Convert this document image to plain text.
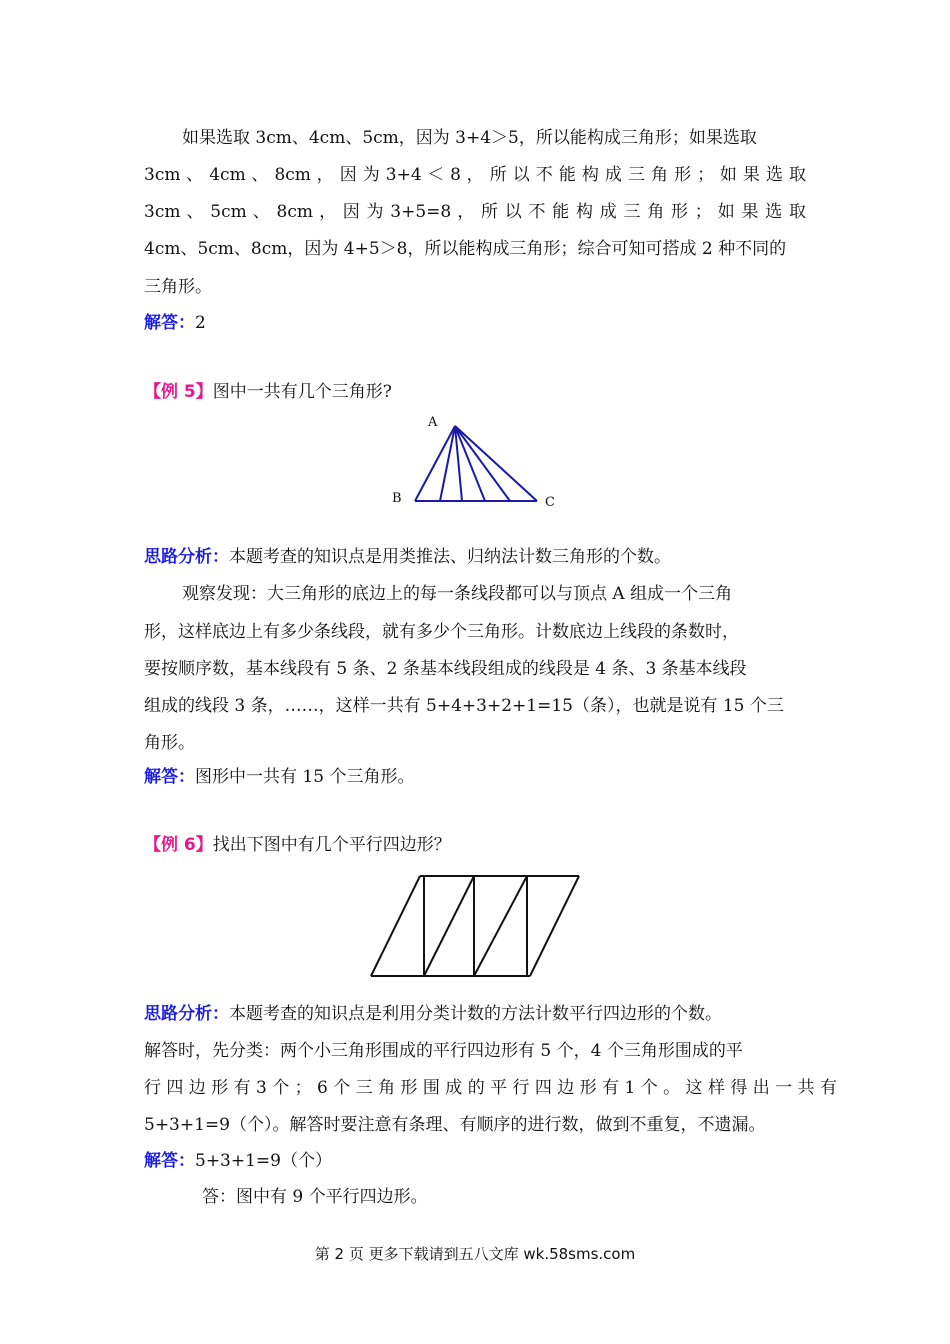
如果选取 3cm、4cm、5cm，因为 3+4＞5，所以能构成三角形；如果选取
3cm 、 4cm 、 8cm ， 因 为 3+4 ＜ 8 ， 所 以 不 能 构 成 三 角 形 ； 如 果 选 取
3cm 、 5cm 、 8cm ， 因 为 3+5=8 ， 所 以 不 能 构 成 三 角 形 ； 如 果 选 取
4cm、5cm、8cm，因为 4+5＞8，所以能构成三角形；综合可知可搭成 2 种不同的
三角形。
解答：2
【例 5】图中一共有几个三角形?
A
B	C
思路分析：本题考查的知识点是用类推法、归纳法计数三角形的个数。
观察发现：大三角形的底边上的每一条线段都可以与顶点 A 组成一个三角
形，这样底边上有多少条线段，就有多少个三角形。计数底边上线段的条数时，
要按顺序数，基本线段有 5 条、2 条基本线段组成的线段是 4 条、3 条基本线段
组成的线段 3 条，……，这样一共有 5+4+3+2+1=15（条），也就是说有 15 个三
角形。
解答：图形中一共有 15 个三角形。
【例 6】找出下图中有几个平行四边形？
思路分析：本题考查的知识点是利用分类计数的方法计数平行四边形的个数。
解答时，先分类：两个小三角形围成的平行四边形有 5 个，4 个三角形围成的平
行 四 边 形 有 3 个 ； 6 个 三 角 形 围 成 的 平 行 四 边 形 有 1 个 。 这 样 得 出 一 共 有
5+3+1=9（个）。解答时要注意有条理、有顺序的进行数，做到不重复，不遗漏。
解答：5+3+1=9（个）
答：图中有 9 个平行四边形。
第 2 页 更多下载请到五八文库 wk.58sms.com
